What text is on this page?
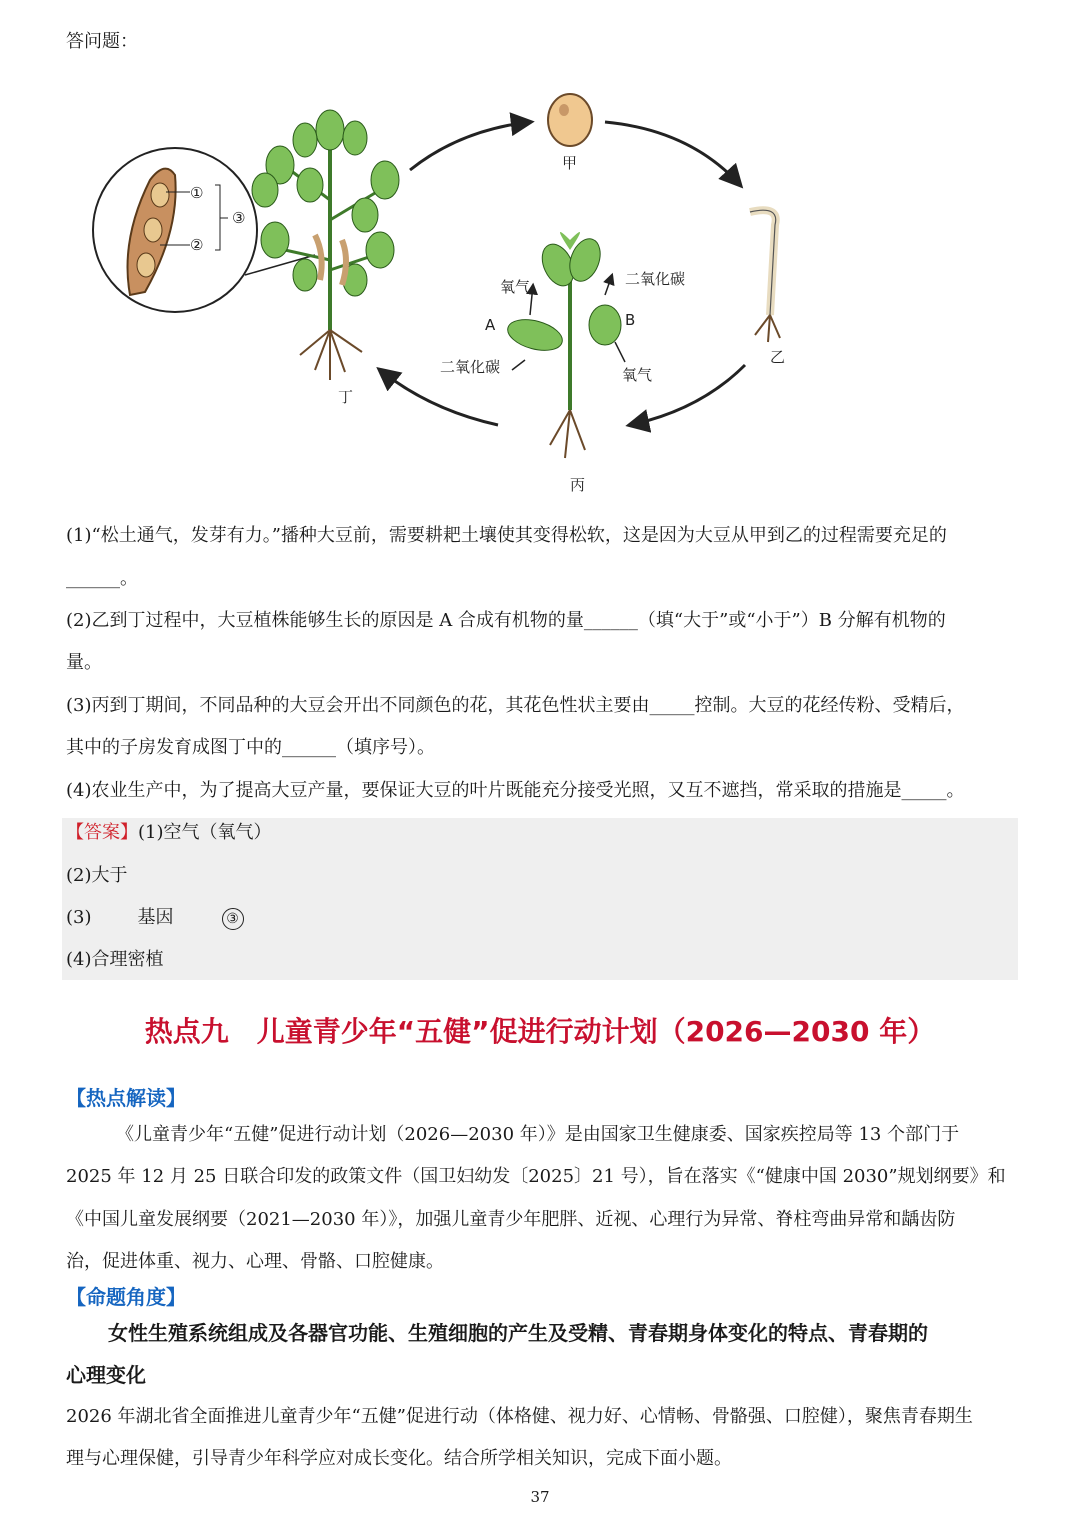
答问题：
①
②
③
丁
甲
乙
氧气	二氧化碳
A	B
二氧化碳	氧气
丙
(1)“松土通气，发芽有力。”播种大豆前，需要耕耙土壤使其变得松软，这是因为大豆从甲到乙的过程需要充足的
______。
(2)乙到丁过程中，大豆植株能够生长的原因是 A 合成有机物的量______（填“大于”或“小于”）B 分解有机物的
量。
(3)丙到丁期间，不同品种的大豆会开出不同颜色的花，其花色性状主要由_____控制。大豆的花经传粉、受精后，
其中的子房发育成图丁中的______（填序号）。
(4)农业生产中，为了提高大豆产量，要保证大豆的叶片既能充分接受光照，又互不遮挡，常采取的措施是_____。
【答案】(1)空气（氧气）
(2)大于
(3)	基因	③
(4)合理密植
热点九　儿童青少年“五健”促进行动计划（2026—2030 年）
【热点解读】
《儿童青少年“五健”促进行动计划（2026—2030 年）》是由国家卫生健康委、国家疾控局等 13 个部门于
2025 年 12 月 25 日联合印发的政策文件（国卫妇幼发〔2025〕21 号），旨在落实《“健康中国 2030”规划纲要》和
《中国儿童发展纲要（2021—2030 年）》，加强儿童青少年肥胖、近视、心理行为异常、脊柱弯曲异常和龋齿防
治，促进体重、视力、心理、骨骼、口腔健康。
【命题角度】
女性生殖系统组成及各器官功能、生殖细胞的产生及受精、青春期身体变化的特点、青春期的
心理变化
2026 年湖北省全面推进儿童青少年“五健”促进行动（体格健、视力好、心情畅、骨骼强、口腔健），聚焦青春期生
理与心理保健，引导青少年科学应对成长变化。结合所学相关知识，完成下面小题。
37
